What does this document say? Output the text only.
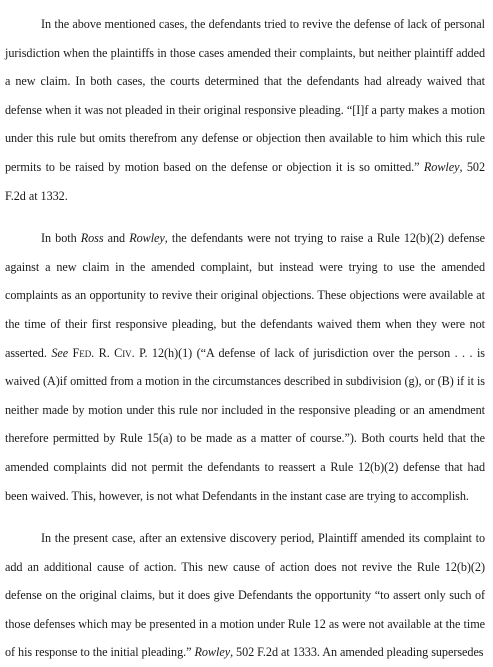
In the above mentioned cases, the defendants tried to revive the defense of lack of personal jurisdiction when the plaintiffs in those cases amended their complaints, but neither plaintiff added a new claim. In both cases, the courts determined that the defendants had already waived that defense when it was not pleaded in their original responsive pleading. “[I]f a party makes a motion under this rule but omits therefrom any defense or objection then available to him which this rule permits to be raised by motion based on the defense or objection it is so omitted.” Rowley, 502 F.2d at 1332.

In both Ross and Rowley, the defendants were not trying to raise a Rule 12(b)(2) defense against a new claim in the amended complaint, but instead were trying to use the amended complaints as an opportunity to revive their original objections. These objections were available at the time of their first responsive pleading, but the defendants waived them when they were not asserted. See Fed. R. Civ. P. 12(h)(1) (“A defense of lack of jurisdiction over the person . . . is waived (A)if omitted from a motion in the circumstances described in subdivision (g), or (B) if it is neither made by motion under this rule nor included in the responsive pleading or an amendment therefore permitted by Rule 15(a) to be made as a matter of course.”). Both courts held that the amended complaints did not permit the defendants to reassert a Rule 12(b)(2) defense that had been waived. This, however, is not what Defendants in the instant case are trying to accomplish.

In the present case, after an extensive discovery period, Plaintiff amended its complaint to add an additional cause of action. This new cause of action does not revive the Rule 12(b)(2) defense on the original claims, but it does give Defendants the opportunity “to assert only such of those defenses which may be presented in a motion under Rule 12 as were not available at the time of his response to the initial pleading.” Rowley, 502 F.2d at 1333. An amended pleading supersedes
